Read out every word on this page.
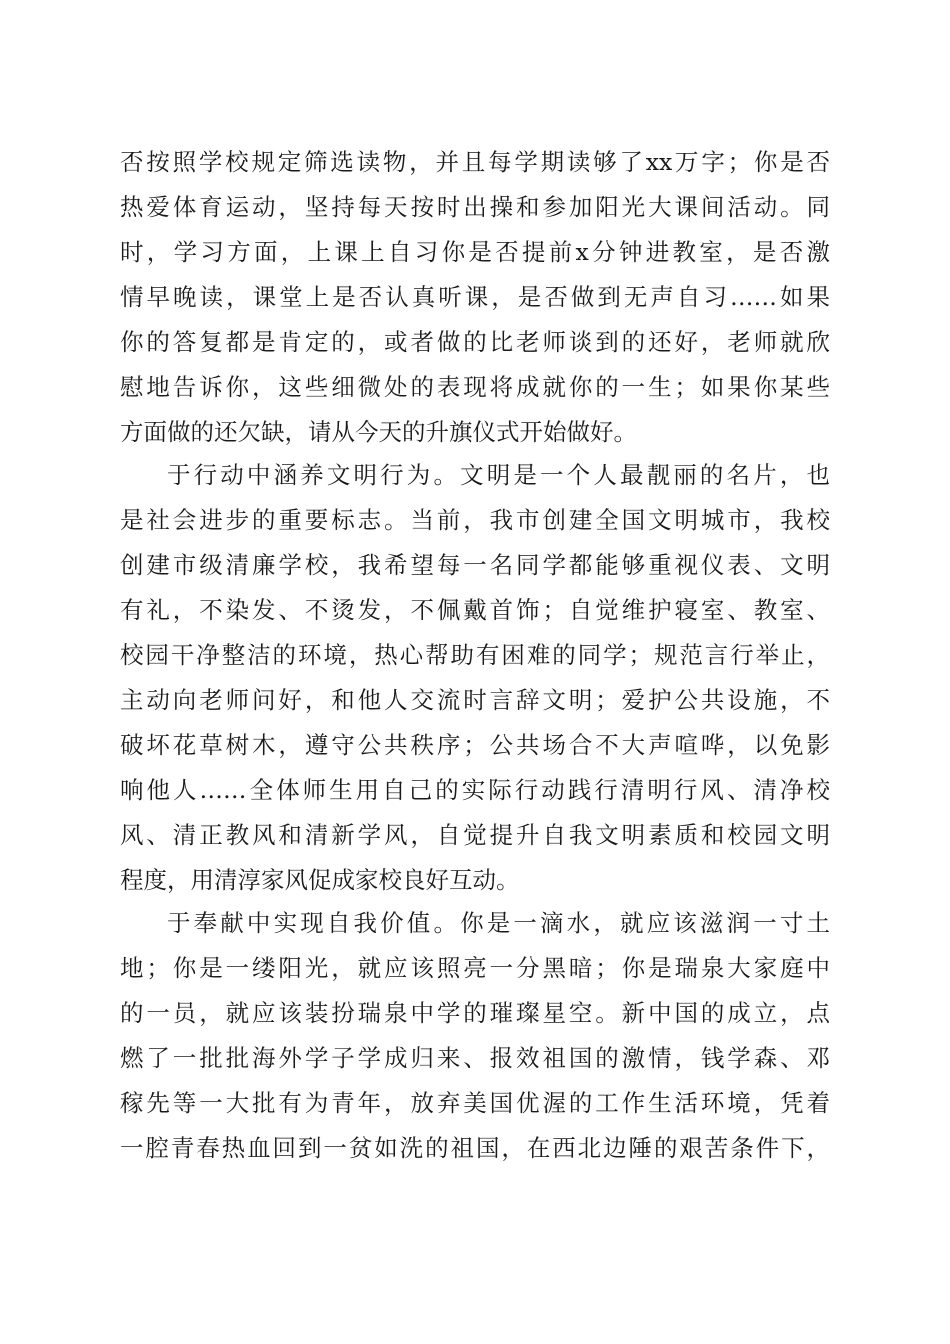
否按照学校规定筛选读物，并且每学期读够了xx万字；你是否
热爱体育运动，坚持每天按时出操和参加阳光大课间活动。同
时，学习方面，上课上自习你是否提前x分钟进教室，是否激
情早晚读，课堂上是否认真听课，是否做到无声自习……如果
你的答复都是肯定的，或者做的比老师谈到的还好，老师就欣
慰地告诉你，这些细微处的表现将成就你的一生；如果你某些
方面做的还欠缺，请从今天的升旗仪式开始做好。
于行动中涵养文明行为。文明是一个人最靓丽的名片，也
是社会进步的重要标志。当前，我市创建全国文明城市，我校
创建市级清廉学校，我希望每一名同学都能够重视仪表、文明
有礼，不染发、不烫发，不佩戴首饰；自觉维护寝室、教室、
校园干净整洁的环境，热心帮助有困难的同学；规范言行举止，
主动向老师问好，和他人交流时言辞文明；爱护公共设施，不
破坏花草树木，遵守公共秩序；公共场合不大声喧哗，以免影
响他人……全体师生用自己的实际行动践行清明行风、清净校
风、清正教风和清新学风，自觉提升自我文明素质和校园文明
程度，用清淳家风促成家校良好互动。
于奉献中实现自我价值。你是一滴水，就应该滋润一寸土
地；你是一缕阳光，就应该照亮一分黑暗；你是瑞泉大家庭中
的一员，就应该装扮瑞泉中学的璀璨星空。新中国的成立，点
燃了一批批海外学子学成归来、报效祖国的激情，钱学森、邓
稼先等一大批有为青年，放弃美国优渥的工作生活环境，凭着
一腔青春热血回到一贫如洗的祖国，在西北边陲的艰苦条件下，
